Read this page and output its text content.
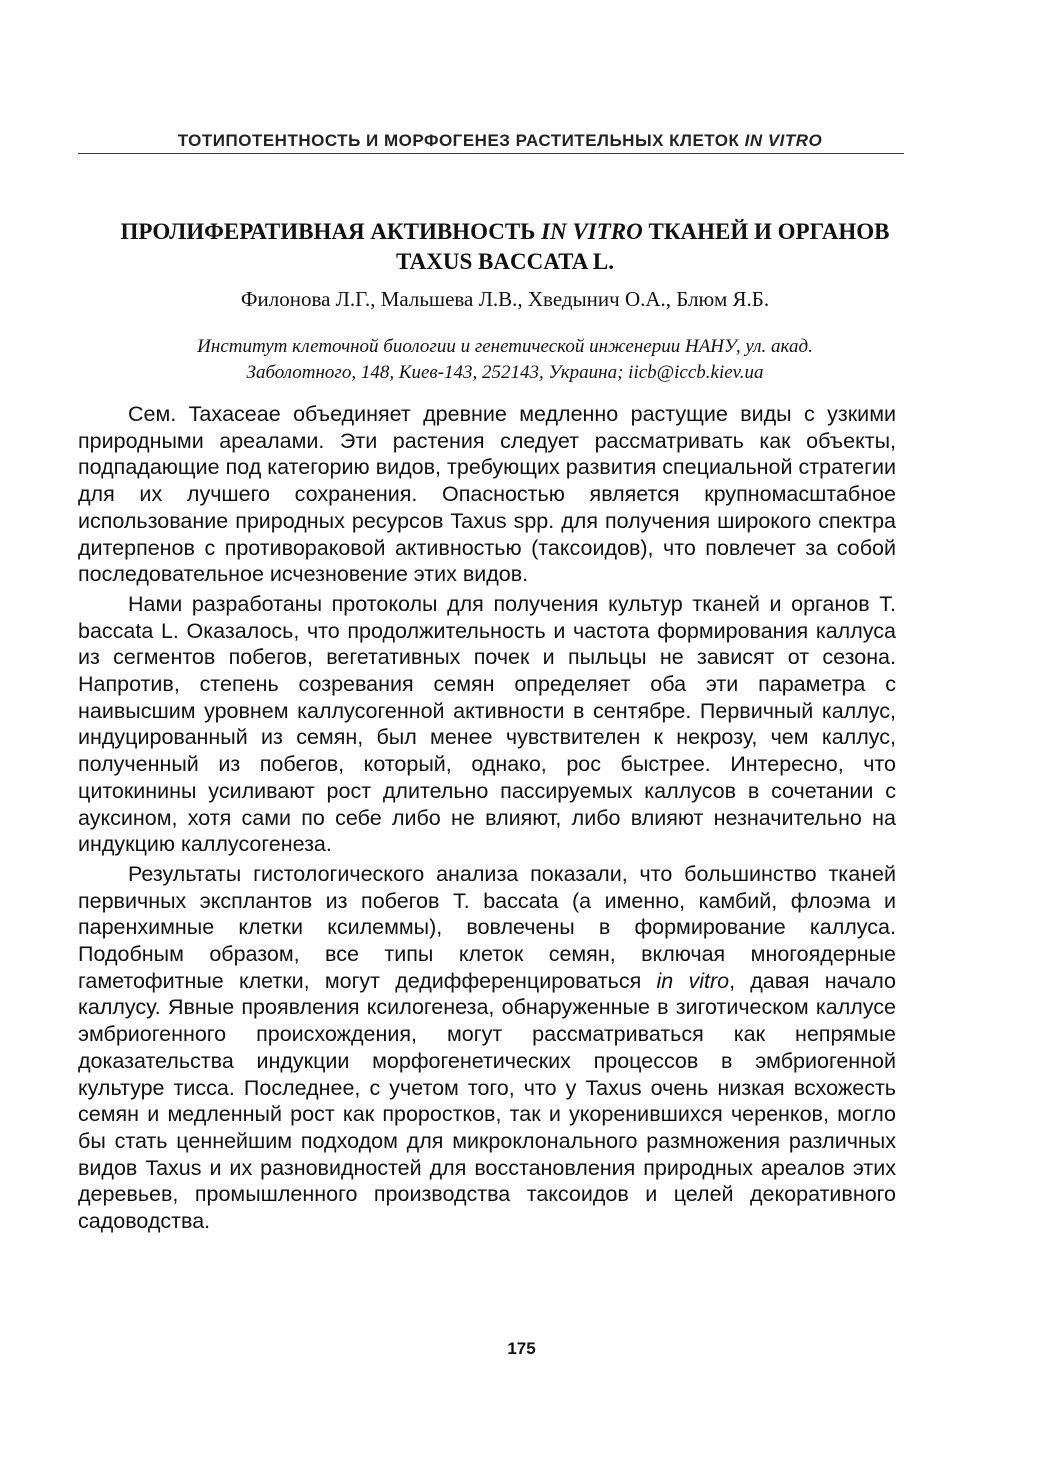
ТОТИПОТЕНТНОСТЬ И МОРФОГЕНЕЗ РАСТИТЕЛЬНЫХ КЛЕТОК IN VITRO
ПРОЛИФЕРАТИВНАЯ АКТИВНОСТЬ IN VITRO ТКАНЕЙ И ОРГАНОВ
TAXUS BACCATA L.
Филонова Л.Г., Мальшева Л.В., Хведынич О.А., Блюм Я.Б.
Институт клеточной биологии и генетической инженерии НАНУ, ул. акад.
Заболотного, 148, Киев-143, 252143, Украина; iicb@iccb.kiev.ua

Сем. Taxaceae объединяет древние медленно растущие виды с узкими природными ареалами. Эти растения следует рассматривать как объекты, подпадающие под категорию видов, требующих развития специальной стратегии для их лучшего сохранения. Опасностью является крупномасштабное использование природных ресурсов Taxus spp. для получения широкого спектра дитерпенов с противораковой активностью (таксоидов), что повлечет за собой последовательное исчезновение этих видов.

Нами разработаны протоколы для получения культур тканей и органов T. baccata L. Оказалось, что продолжительность и частота формирования каллуса из сегментов побегов, вегетативных почек и пыльцы не зависят от сезона. Напротив, степень созревания семян определяет оба эти параметра с наивысшим уровнем каллусогенной активности в сентябре. Первичный каллус, индуцированный из семян, был менее чувствителен к некрозу, чем каллус, полученный из побегов, который, однако, рос быстрее. Интересно, что цитокинины усиливают рост длительно пассируемых каллусов в сочетании с ауксином, хотя сами по себе либо не влияют, либо влияют незначительно на индукцию каллусогенеза.

Результаты гистологического анализа показали, что большинство тканей первичных эксплантов из побегов T. baccata (а именно, камбий, флоэма и паренхимные клетки ксилеммы), вовлечены в формирование каллуса. Подобным образом, все типы клеток семян, включая многоядерные гаметофитные клетки, могут дедифференцироваться in vitro, давая начало каллусу. Явные проявления ксилогенеза, обнаруженные в зиготическом каллусе эмбриогенного происхождения, могут рассматриваться как непрямые доказательства индукции морфогенетических процессов в эмбриогенной культуре тисса. Последнее, с учетом того, что у Taxus очень низкая всхожесть семян и медленный рост как проростков, так и укоренившихся черенков, могло бы стать ценнейшим подходом для микроклонального размножения различных видов Taxus и их разновидностей для восстановления природных ареалов этих деревьев, промышленного производства таксоидов и целей декоративного садоводства.

175
